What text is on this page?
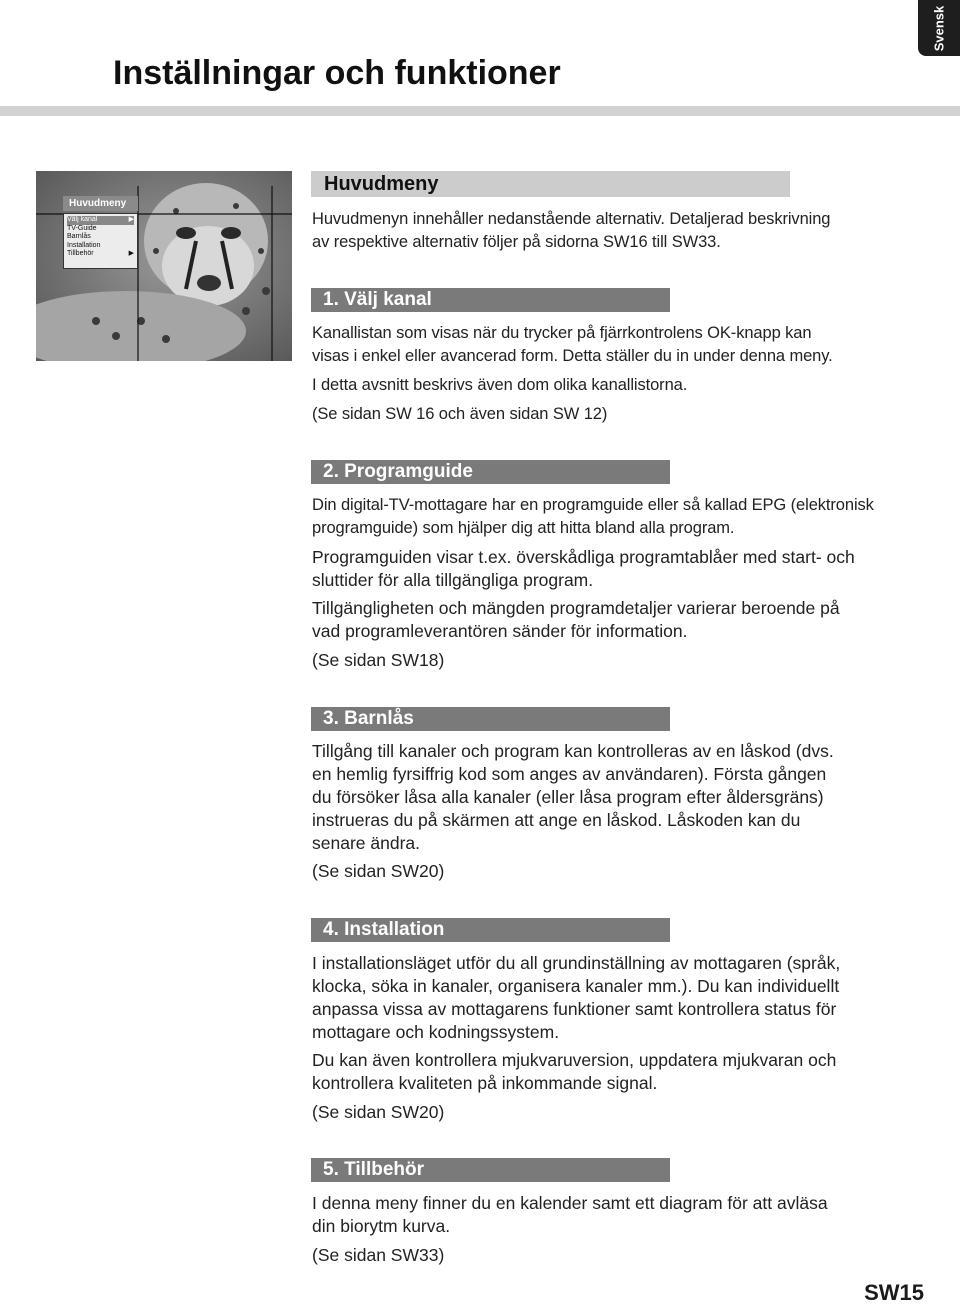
Svensk
Inställningar och funktioner
Huvudmeny
Välj kanal	▶
TV-Guide
Barnlås
Installation
Tillbehör	▶
Huvudmeny

Huvudmenyn innehåller nedanstående alternativ. Detaljerad beskrivning av respektive alternativ följer på sidorna SW16 till SW33.

1. Välj kanal

Kanallistan som visas när du trycker på fjärrkontrolens OK-knapp kan visas i enkel eller avancerad form. Detta ställer du in under denna meny.

I detta avsnitt beskrivs även dom olika kanallistorna.

(Se sidan SW 16 och även sidan SW 12)

2. Programguide

Din digital-TV-mottagare har en programguide eller så kallad EPG (elektronisk programguide) som hjälper dig att hitta bland alla program.

Programguiden visar t.ex. överskådliga programtablåer med start- och sluttider för alla tillgängliga program.

Tillgängligheten och mängden programdetaljer varierar beroende på vad programleverantören sänder för information.

(Se sidan SW18)

3. Barnlås

Tillgång till kanaler och program kan kontrolleras av en låskod (dvs. en hemlig fyrsiffrig kod som anges av användaren). Första gången du försöker låsa alla kanaler (eller låsa program efter åldersgräns) instrueras du på skärmen att ange en låskod. Låskoden kan du senare ändra.

(Se sidan SW20)

4. Installation

I installationsläget utför du all grundinställning av mottagaren (språk, klocka, söka in kanaler, organisera kanaler mm.). Du kan individuellt anpassa vissa av mottagarens funktioner samt kontrollera status för mottagare och kodningssystem.

Du kan även kontrollera mjukvaruversion, uppdatera mjukvaran och kontrollera kvaliteten på inkommande signal.

(Se sidan SW20)

5. Tillbehör

I denna meny finner du en kalender samt ett diagram för att avläsa din biorytm kurva.

(Se sidan SW33)

SW15
